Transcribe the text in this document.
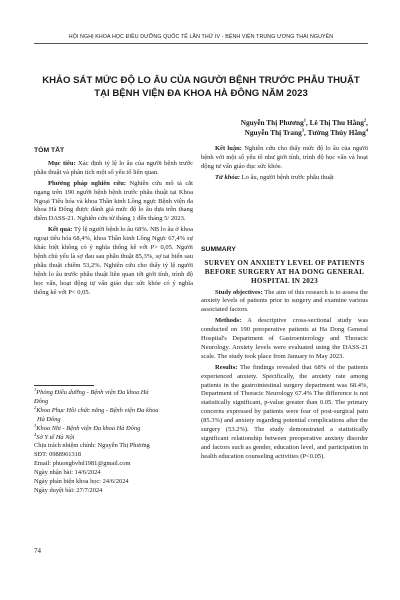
HỘI NGHỊ KHOA HỌC ĐIỀU DƯỠNG QUỐC TẾ LẦN THỨ IV - BỆNH VIỆN TRUNG ƯƠNG THÁI NGUYÊN
KHẢO SÁT MỨC ĐỘ LO ÂU CỦA NGƯỜI BỆNH TRƯỚC PHẪU THUẬT
TẠI BỆNH VIỆN ĐA KHOA HÀ ĐÔNG NĂM 2023
Nguyễn Thị Phương$^1$, Lê Thị Thu Hằng$^2$,
Nguyễn Thị Trang$^3$, Tường Thúy Hằng$^4$
TÓM TẮT

Mục tiêu: Xác định tỷ lệ lo âu của người bệnh trước phẫu thuật và phân tích một số yếu tố liên quan.

Phương pháp nghiên cứu: Nghiên cứu mô tả cắt ngang trên 190 người bệnh bệnh trước phẫu thuật tại Khoa Ngoại Tiêu hóa và khoa Thần kinh Lồng ngực Bệnh viện đa khoa Hà Đông được đánh giá mức độ lo âu dựa trên thang điểm DASS-21. Nghiên cứu từ tháng 1 đến tháng 5/ 2023.

Kết quả: Tỷ lệ người bệnh lo âu 68%. NB lo âu ở khoa ngoại tiêu hóa 68,4%, khoa Thần kinh Lồng Ngực 67,4% sự khác biệt không có ý nghĩa thống kê với P> 0,05. Người bệnh chủ yếu là sợ đau sau phẫu thuật 85,3%, sợ tai biến sau phẫu thuật chiếm 53,2%. Nghiên cứu cho thấy tỷ lệ người bệnh lo âu trước phẫu thuật liên quan tới giới tính, trình độ học vấn, hoạt động tự vấn giáo dục sức khỏe có ý nghĩa thống kê với P< 0,05.

Kết luận: Nghiên cứu cho thấy mức độ lo âu của người bệnh với một số yếu tố như giới tính, trình độ học vấn và hoạt động tư vấn giáo dục sức khỏe.

Từ khóa: Lo âu, người bệnh trước phẫu thuật

SUMMARY
SURVEY ON ANXIETY LEVEL OF PATIENTS BEFORE SURGERY AT HA DONG GENERAL HOSPITAL IN 2023

Study objectives: The aim of this research is to assess the anxiety levels of patients prior to surgery and examine various associated factors.

Methods: A descriptive cross-sectional study was conducted on 190 preoperative patients at Ha Dong General Hospital's Department of Gastroenterology and Thoracic Neurology. Anxiety levels were evaluated using the DASS-21 scale. The study took place from January to May 2023.

Results: The findings revealed that 68% of the patients experienced anxiety. Specifically, the anxiety rate among patients in the gastrointestinal surgery department was 68.4%, Department of Thoracic Neurology 67.4% The difference is not statistically significant, p-value greater than 0.05. The primary concerns expressed by patients were fear of post-surgical pain (85.3%) and anxiety regarding potential complications after the surgery (53.2%). The study demonstrated a statistically significant relationship between preoperative anxiety disorder and factors such as gender, education level, and participation in health education counseling activities (P<0.05).

$^1$Phòng Điều dưỡng - Bệnh viện Đa khoa Hà
Đông
$^2$Khoa Phục Hồi chức năng - Bệnh viện Đa khoa
Hà Đông
$^3$Khoa Nhi - Bệnh viện Đa khoa Hà Đông
$^4$Sở Y tế Hà Nội
Chịu trách nhiệm chính: Nguyễn Thị Phương
SĐT: 0988961318
Email: phuongbvhd1981@gmail.com
Ngày nhận bài: 14/6/2024
Ngày phản biện khoa học: 24/6/2024
Ngày duyệt bài: 27/7/2024
74
